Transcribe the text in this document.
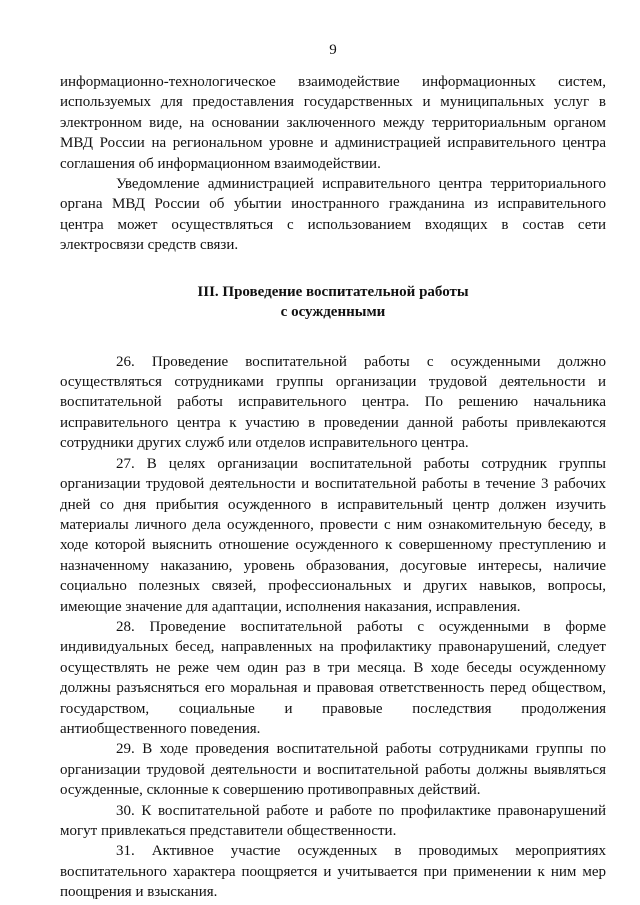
9

информационно-технологическое взаимодействие информационных систем, используемых для предоставления государственных и муниципальных услуг в электронном виде, на основании заключенного между территориальным органом МВД России на региональном уровне и администрацией исправительного центра соглашения об информационном взаимодействии.

Уведомление администрацией исправительного центра территориального органа МВД России об убытии иностранного гражданина из исправительного центра может осуществляться с использованием входящих в состав сети электросвязи средств связи.

III. Проведение воспитательной работы
с осужденными

26. Проведение воспитательной работы с осужденными должно осуществляться сотрудниками группы организации трудовой деятельности и воспитательной работы исправительного центра. По решению начальника исправительного центра к участию в проведении данной работы привлекаются сотрудники других служб или отделов исправительного центра.

27. В целях организации воспитательной работы сотрудник группы организации трудовой деятельности и воспитательной работы в течение 3 рабочих дней со дня прибытия осужденного в исправительный центр должен изучить материалы личного дела осужденного, провести с ним ознакомительную беседу, в ходе которой выяснить отношение осужденного к совершенному преступлению и назначенному наказанию, уровень образования, досуговые интересы, наличие социально полезных связей, профессиональных и других навыков, вопросы, имеющие значение для адаптации, исполнения наказания, исправления.

28. Проведение воспитательной работы с осужденными в форме индивидуальных бесед, направленных на профилактику правонарушений, следует осуществлять не реже чем один раз в три месяца. В ходе беседы осужденному должны разъясняться его моральная и правовая ответственность перед обществом, государством, социальные и правовые последствия продолжения антиобщественного поведения.

29. В ходе проведения воспитательной работы сотрудниками группы по организации трудовой деятельности и воспитательной работы должны выявляться осужденные, склонные к совершению противоправных действий.

30. К воспитательной работе и работе по профилактике правонарушений могут привлекаться представители общественности.

31. Активное участие осужденных в проводимых мероприятиях воспитательного характера поощряется и учитывается при применении к ним мер поощрения и взыскания.
